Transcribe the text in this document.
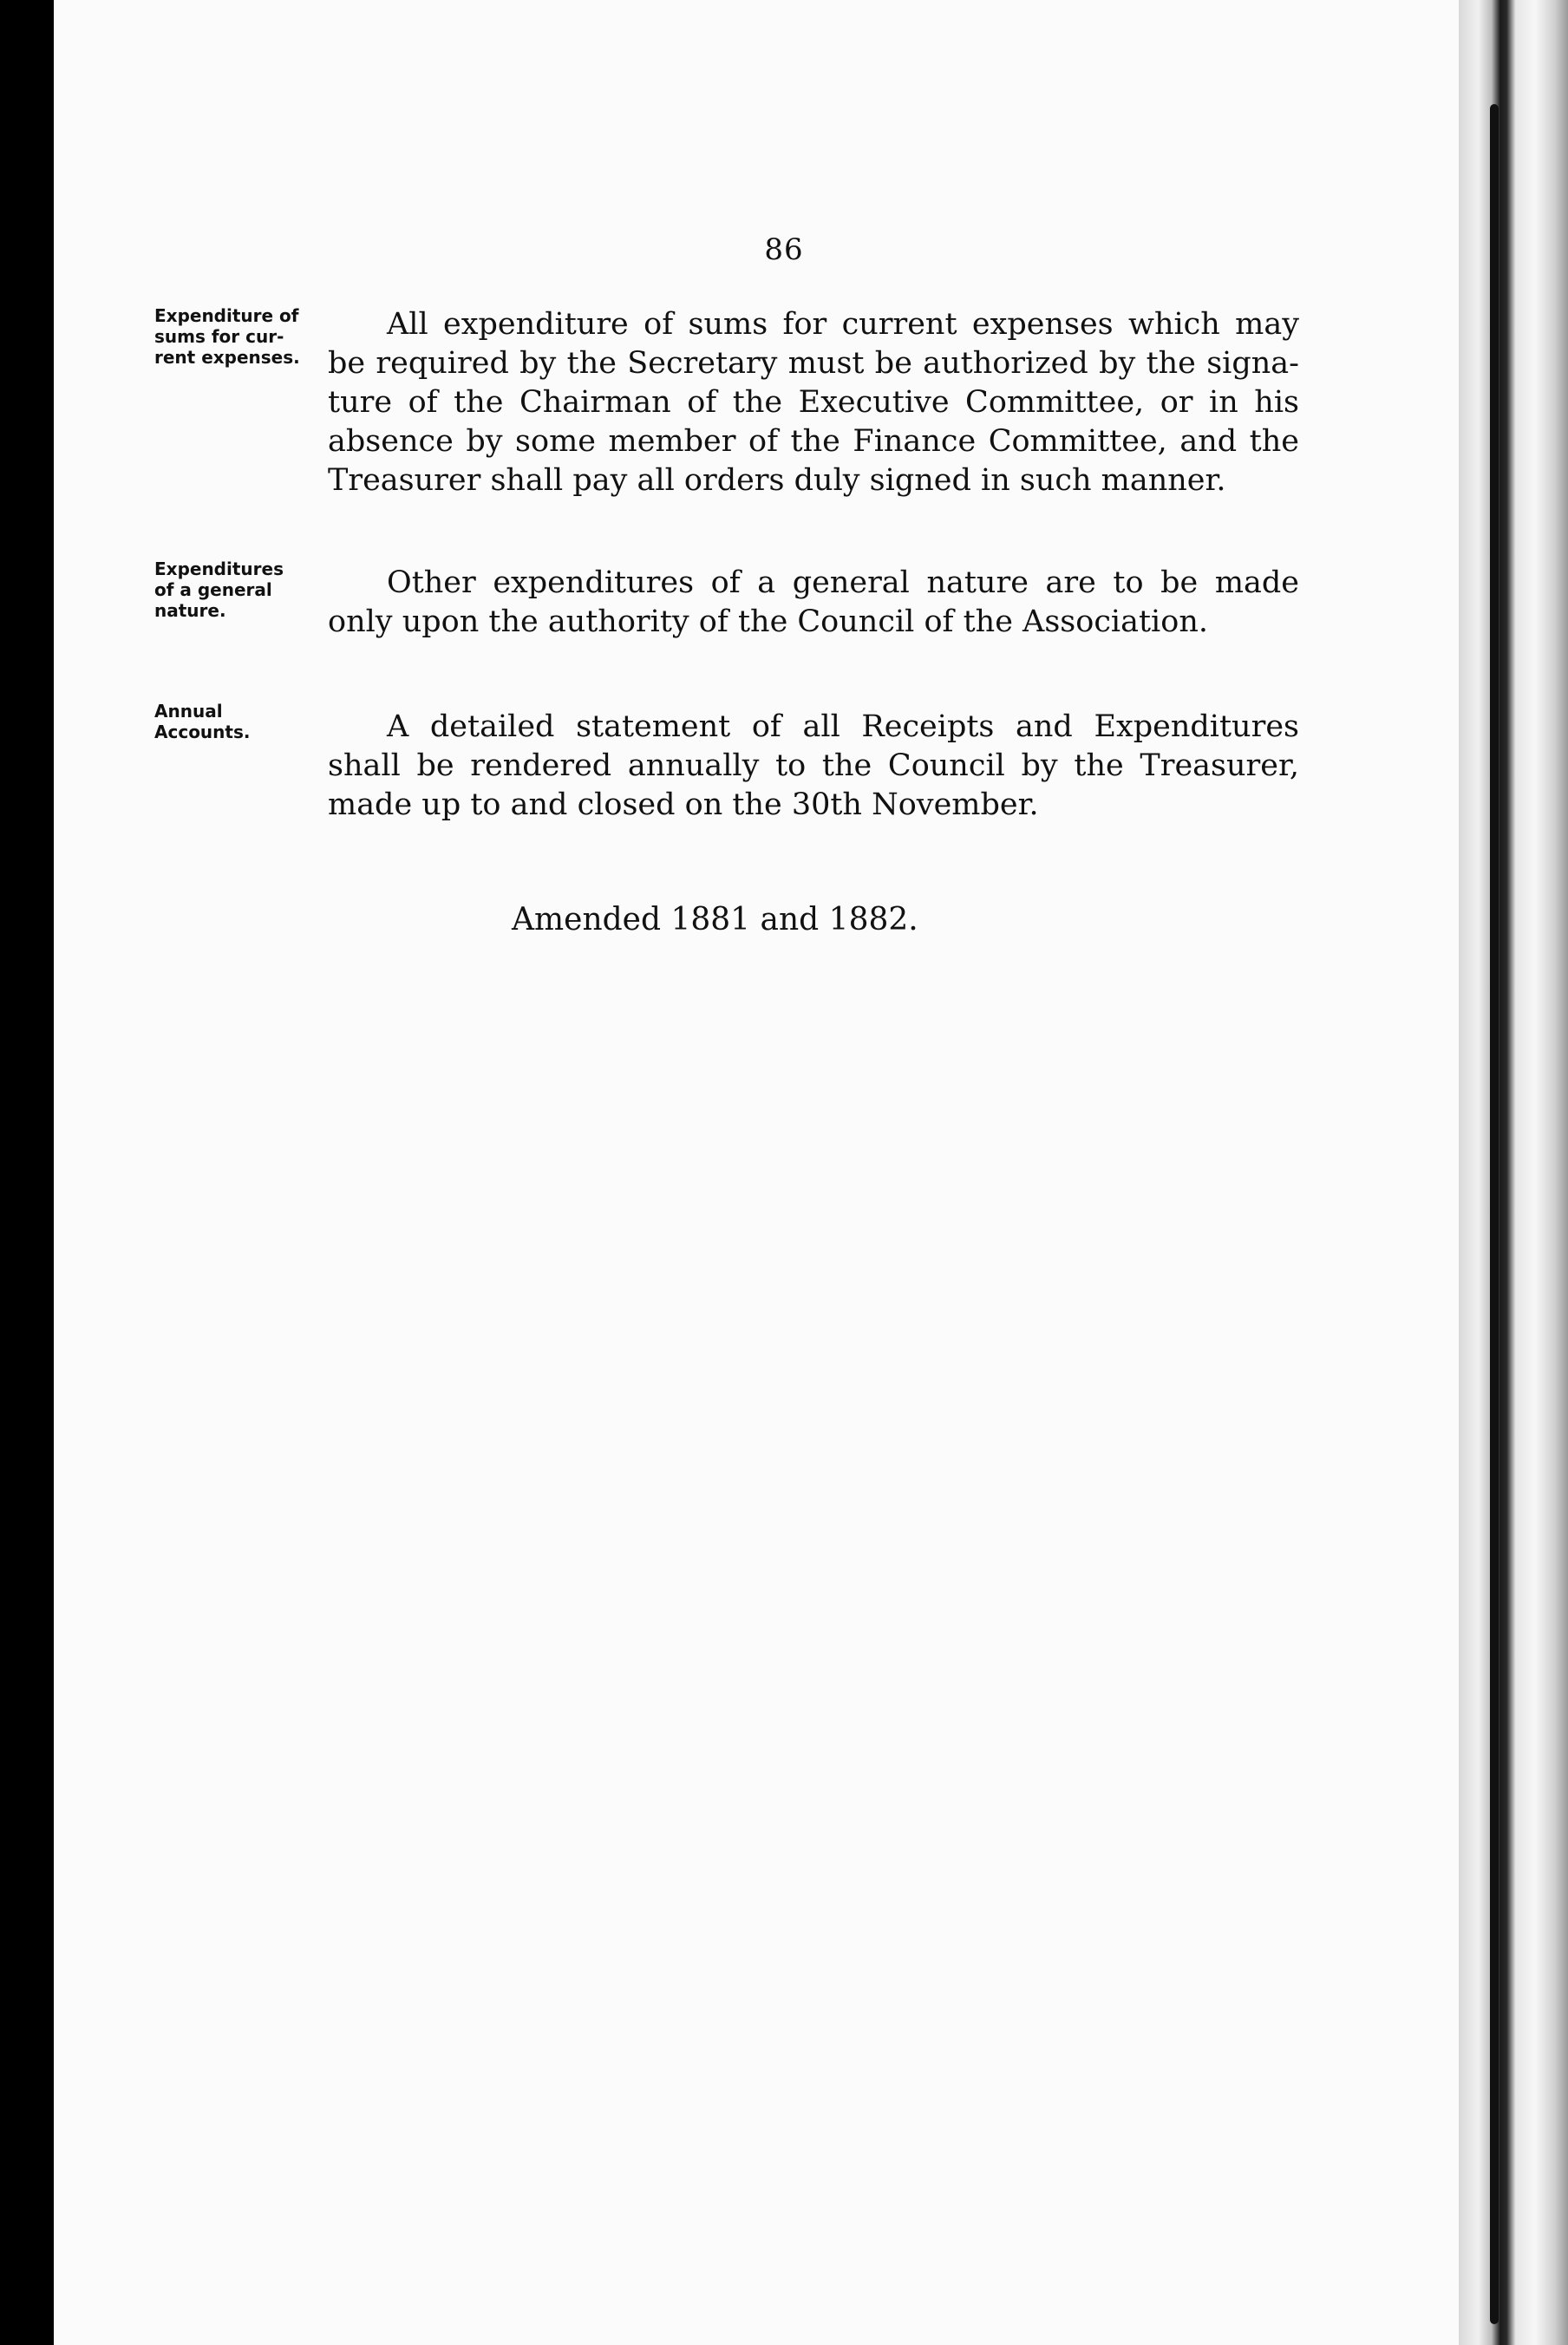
86
Expenditure of
sums for cur-
rent expenses.
All expenditure of sums for current expenses which may
be required by the Secretary must be authorized by the signa-
ture of the Chairman of the Executive Committee, or in his
absence by some member of the Finance Committee, and the
Treasurer shall pay all orders duly signed in such manner.
Expenditures
of a general
nature.
Other expenditures of a general nature are to be made
only upon the authority of the Council of the Association.
Annual
Accounts.	A detailed statement of all Receipts and Expenditures
shall be rendered annually to the Council by the Treasurer,
made up to and closed on the 30th November.
Amended 1881 and 1882.
